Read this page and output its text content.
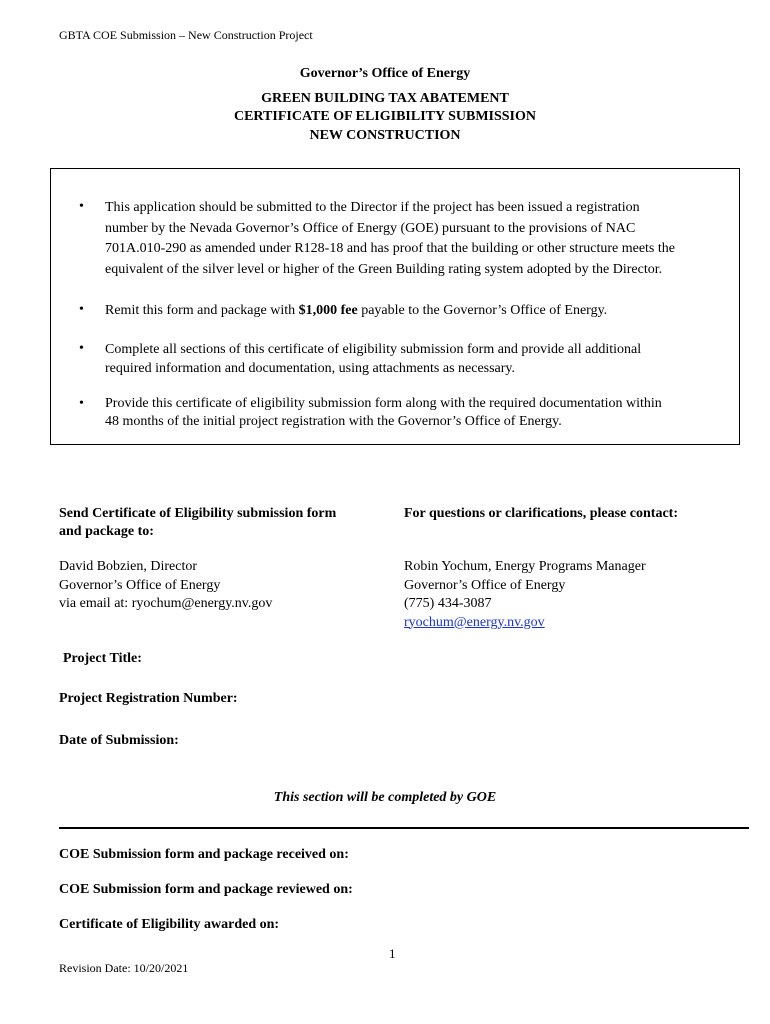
GBTA COE Submission – New Construction Project
Governor’s Office of Energy
GREEN BUILDING TAX ABATEMENT
CERTIFICATE OF ELIGIBILITY SUBMISSION
NEW CONSTRUCTION
• This application should be submitted to the Director if the project has been issued a registration
number by the Nevada Governor’s Office of Energy (GOE) pursuant to the provisions of NAC
701A.010-290 as amended under R128-18 and has proof that the building or other structure meets the
equivalent of the silver level or higher of the Green Building rating system adopted by the Director.
• Remit this form and package with $1,000 fee payable to the Governor’s Office of Energy.
• Complete all sections of this certificate of eligibility submission form and provide all additional
required information and documentation, using attachments as necessary.
• Provide this certificate of eligibility submission form along with the required documentation within
48 months of the initial project registration with the Governor’s Office of Energy.
Send Certificate of Eligibility submission form
and package to:
David Bobzien, Director
Governor’s Office of Energy
via email at: ryochum@energy.nv.gov
For questions or clarifications, please contact:
Robin Yochum, Energy Programs Manager
Governor’s Office of Energy
(775) 434-3087
ryochum@energy.nv.gov
Project Title:
Project Registration Number:
Date of Submission:
This section will be completed by GOE
COE Submission form and package received on:
COE Submission form and package reviewed on:
Certificate of Eligibility awarded on:
1
Revision Date: 10/20/2021
